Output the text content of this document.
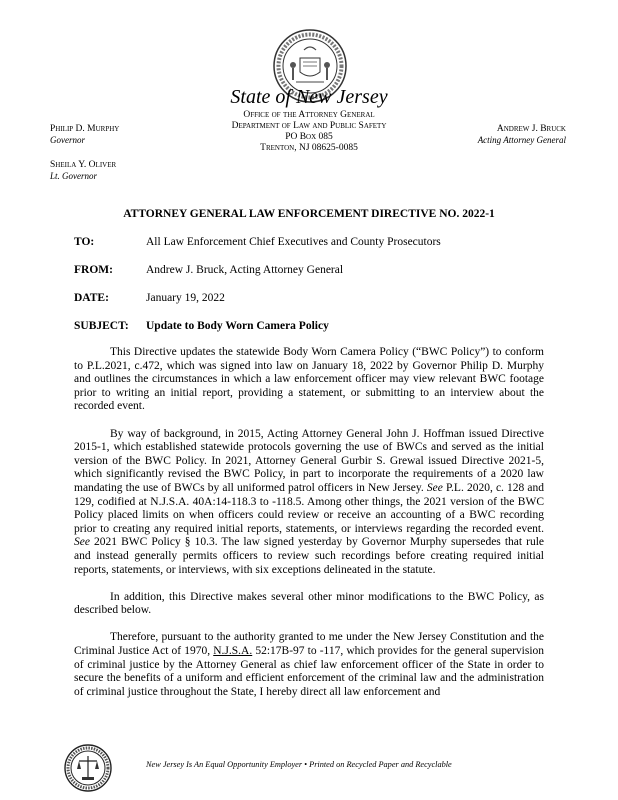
State of New Jersey
Office of the Attorney General
Department of Law and Public Safety
PO Box 085
Trenton, NJ 08625-0085
Philip D. Murphy
Governor
Sheila Y. Oliver
Lt. Governor
Andrew J. Bruck
Acting Attorney General
ATTORNEY GENERAL LAW ENFORCEMENT DIRECTIVE NO. 2022-1
TO:	All Law Enforcement Chief Executives and County Prosecutors
FROM:	Andrew J. Bruck, Acting Attorney General
DATE:	January 19, 2022
SUBJECT: Update to Body Worn Camera Policy

This Directive updates the statewide Body Worn Camera Policy (“BWC Policy”) to conform to P.L.2021, c.472, which was signed into law on January 18, 2022 by Governor Philip D. Murphy and outlines the circumstances in which a law enforcement officer may view relevant BWC footage prior to writing an initial report, providing a statement, or submitting to an interview about the recorded event.

By way of background, in 2015, Acting Attorney General John J. Hoffman issued Directive 2015-1, which established statewide protocols governing the use of BWCs and served as the initial version of the BWC Policy. In 2021, Attorney General Gurbir S. Grewal issued Directive 2021-5, which significantly revised the BWC Policy, in part to incorporate the requirements of a 2020 law mandating the use of BWCs by all uniformed patrol officers in New Jersey. See P.L. 2020, c. 128 and 129, codified at N.J.S.A. 40A:14-118.3 to -118.5. Among other things, the 2021 version of the BWC Policy placed limits on when officers could review or receive an accounting of a BWC recording prior to creating any required initial reports, statements, or interviews regarding the recorded event. See 2021 BWC Policy § 10.3. The law signed yesterday by Governor Murphy supersedes that rule and instead generally permits officers to review such recordings before creating required initial reports, statements, or interviews, with six exceptions delineated in the statute.

In addition, this Directive makes several other minor modifications to the BWC Policy, as described below.

Therefore, pursuant to the authority granted to me under the New Jersey Constitution and the Criminal Justice Act of 1970, N.J.S.A. 52:17B-97 to -117, which provides for the general supervision of criminal justice by the Attorney General as chief law enforcement officer of the State in order to secure the benefits of a uniform and efficient enforcement of the criminal law and the administration of criminal justice throughout the State, I hereby direct all law enforcement and

New Jersey Is An Equal Opportunity Employer • Printed on Recycled Paper and Recyclable
